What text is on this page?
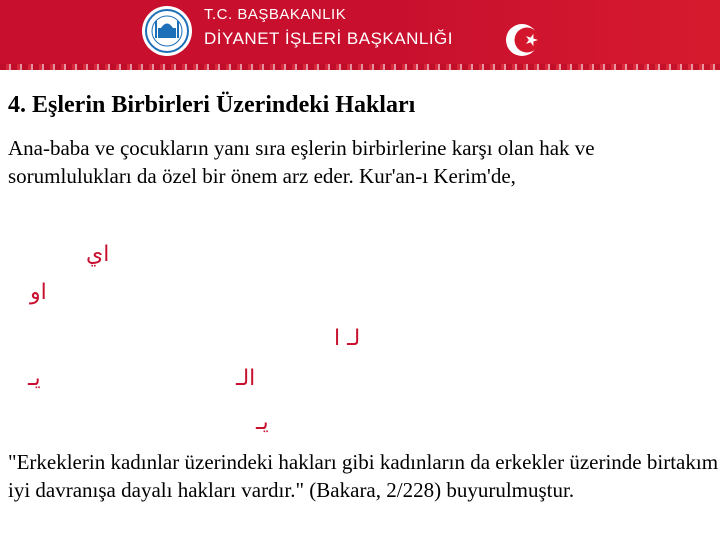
T.C. BAŞBAKANLIK
DİYANET İŞLERİ BAŞKANLIĞI
4. Eşlerin Birbirleri Üzerindeki Hakları

Ana-baba ve çocukların yanı sıra eşlerin birbirlerine karşı olan hak ve sorumlulukları da özel bir önem arz eder. Kur'an-ı Kerim'de,

اي
او
لـ ا
يـ	الـ
يـ

"Erkeklerin kadınlar üzerindeki hakları gibi kadınların da erkekler üzerinde birtakım iyi davranışa dayalı hakları vardır." (Bakara, 2/228) buyurulmuştur.
